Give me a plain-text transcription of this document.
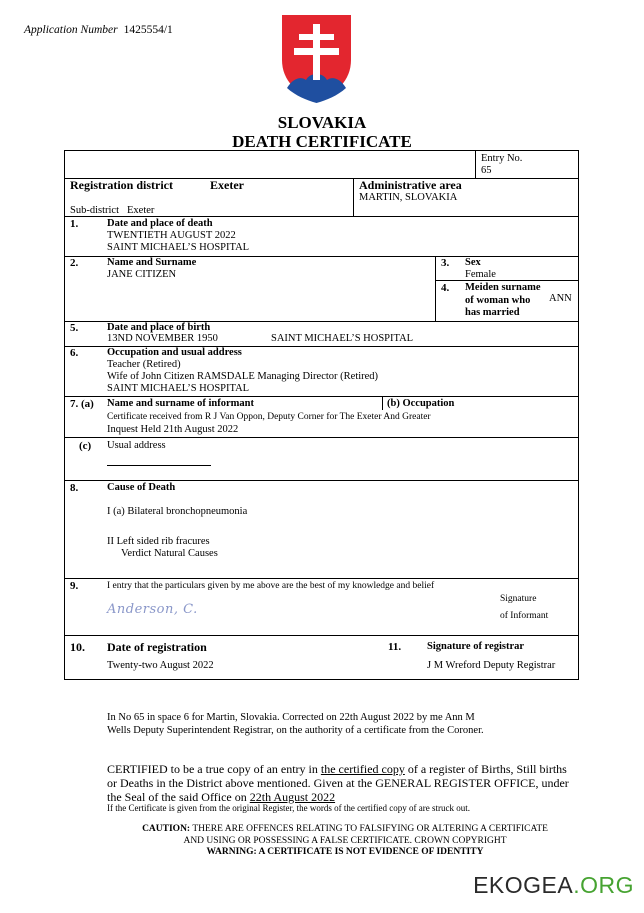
Application Number 1425554/1
SLOVAKIA
DEATH CERTIFICATE
Entry No.
65
Registration district	Exeter
Sub-district Exeter
Administrative area
MARTIN, SLOVAKIA
1.	Date and place of death
TWENTIETH AUGUST 2022
SAINT MICHAEL’S HOSPITAL
2.	Name and Surname
JANE CITIZEN
3. Sex
Female
4. Meiden surname
of woman who
has married
ANN
5.	Date and place of birth
13ND NOVEMBER 1950	SAINT MICHAEL’S HOSPITAL
6.	Occupation and usual address
Teacher (Retired)
Wife of John Citizen RAMSDALE Managing Director (Retired)
SAINT MICHAEL’S HOSPITAL
7. (a) Name and surname of informant	(b) Occupation
Certificate received from R J Van Oppon, Deputy Corner for The Exeter And Greater
Inquest Held 21th August 2022
(c) Usual address
8.	Cause of Death
I (a) Bilateral bronchopneumonia
II Left sided rib fracures
Verdict Natural Causes
9.	I entry that the particulars given by me above are the best of my knowledge and belief
Anderson, C.
Signature
of Informant
10. Date of registration
Twenty-two August 2022
11. Signature of registrar
J M Wreford Deputy Registrar
In No 65 in space 6 for Martin, Slovakia. Corrected on 22th August 2022 by me Ann M
Wells Deputy Superintendent Registrar, on the authority of a certificate from the Coroner.
CERTIFIED to be a true copy of an entry in the certified copy of a register of Births, Still births
or Deaths in the District above mentioned. Given at the GENERAL REGISTER OFFICE, under
the Seal of the said Office on 22th August 2022
If the Certificate is given from the original Register, the words of the certified copy of are struck out.
CAUTION: THERE ARE OFFENCES RELATING TO FALSIFYING OR ALTERING A CERTIFICATE
AND USING OR POSSESSING A FALSE CERTIFICATE. CROWN COPYRIGHT
WARNING: A CERTIFICATE IS NOT EVIDENCE OF IDENTITY
EKOGEA.ORG
